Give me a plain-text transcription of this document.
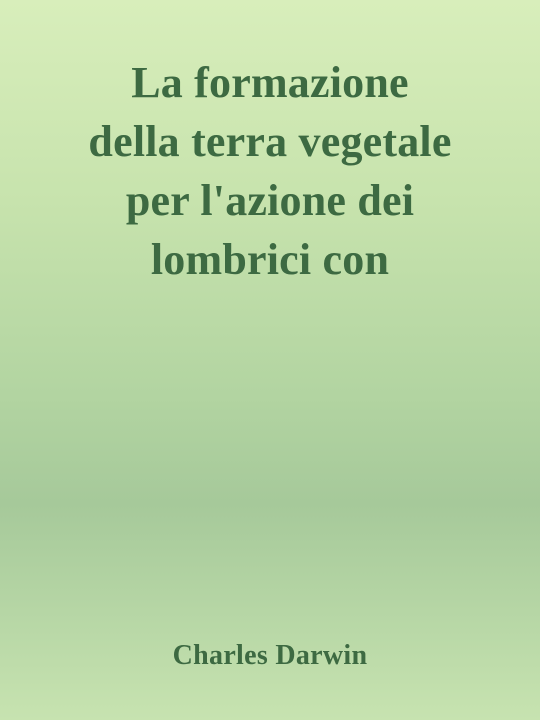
La formazione
della terra vegetale
per l'azione dei
lombrici con
Charles Darwin
